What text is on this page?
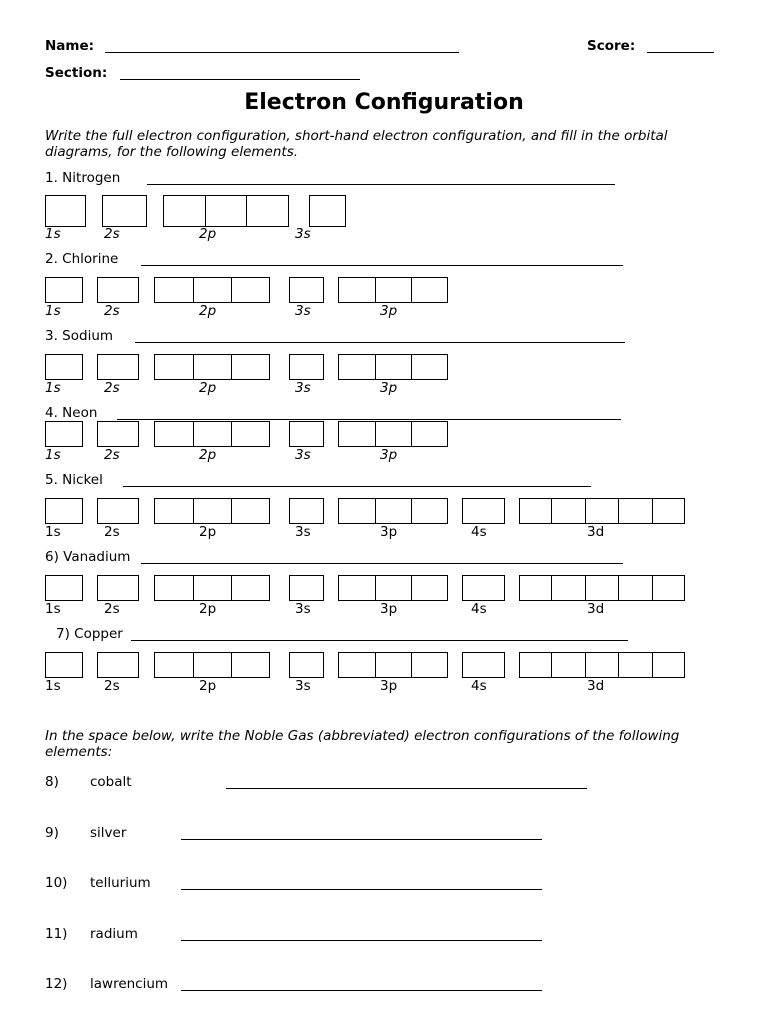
Name:	Score:
Section:
Electron Configuration
Write the full electron configuration, short-hand electron configuration, and fill in the orbital diagrams, for the following elements.
1. Nitrogen
1s	2s	2p	3s
2. Chlorine
1s	2s	2p	3s	3p
3. Sodium
1s	2s	2p	3s	3p
4. Neon
1s	2s	2p	3s	3p
5. Nickel
1s	2s	2p	3s	3p	4s	3d
6) Vanadium
1s	2s	2p	3s	3p	4s	3d
7) Copper
1s	2s	2p	3s	3p	4s	3d
In the space below, write the Noble Gas (abbreviated) electron configurations of the following elements:
8) cobalt
9) silver
10) tellurium
11) radium
12) lawrencium
